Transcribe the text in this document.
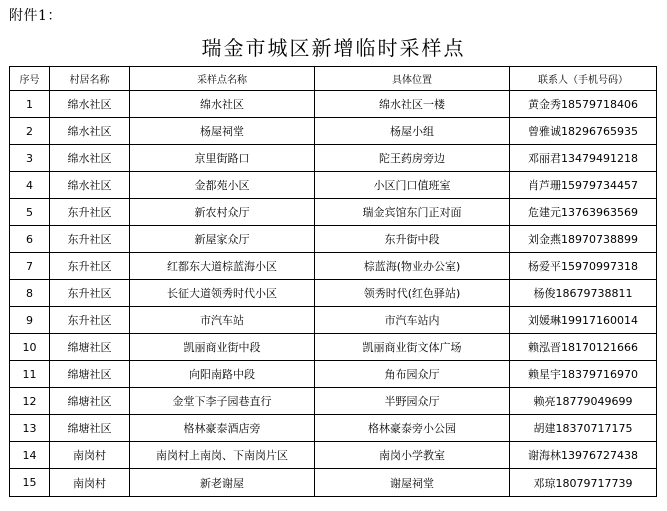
附件1：
瑞金市城区新增临时采样点
序号	村居名称	采样点名称	具体位置	联系人（手机号码）
1	绵水社区	绵水社区	绵水社区一楼	黄金秀18579718406
2	绵水社区	杨屋祠堂	杨屋小组	曾雅诚18296765935
3	绵水社区	京里街路口	陀王药房旁边	邓丽君13479491218
4	绵水社区	金都苑小区	小区门口值班室	肖芦珊15979734457
5	东升社区	新农村众厅	瑞金宾馆东门正对面	危建元13763963569
6	东升社区	新屋家众厅	东升街中段	刘金燕18970738899
7	东升社区	红都东大道棕蓝海小区	棕蓝海(物业办公室)	杨爱平15970997318
8	东升社区	长征大道领秀时代小区	领秀时代(红色驿站)	杨俊18679738811
9	东升社区	市汽车站	市汽车站内	刘媛琳19917160014
10	绵塘社区	凯丽商业街中段	凯丽商业街文体广场	赖泓晋18170121666
11	绵塘社区	向阳南路中段	角布园众厅	赖星宇18379716970
12	绵塘社区	金堂下李子园巷直行	半野园众厅	赖亮18779049699
13	绵塘社区	格林豪泰酒店旁	格林豪泰旁小公园	胡建18370717175
14	南岗村	南岗村上南岗、下南岗片区	南岗小学教室	谢海林13976727438
15	南岗村	新老谢屋	谢屋祠堂	邓琼18079717739
